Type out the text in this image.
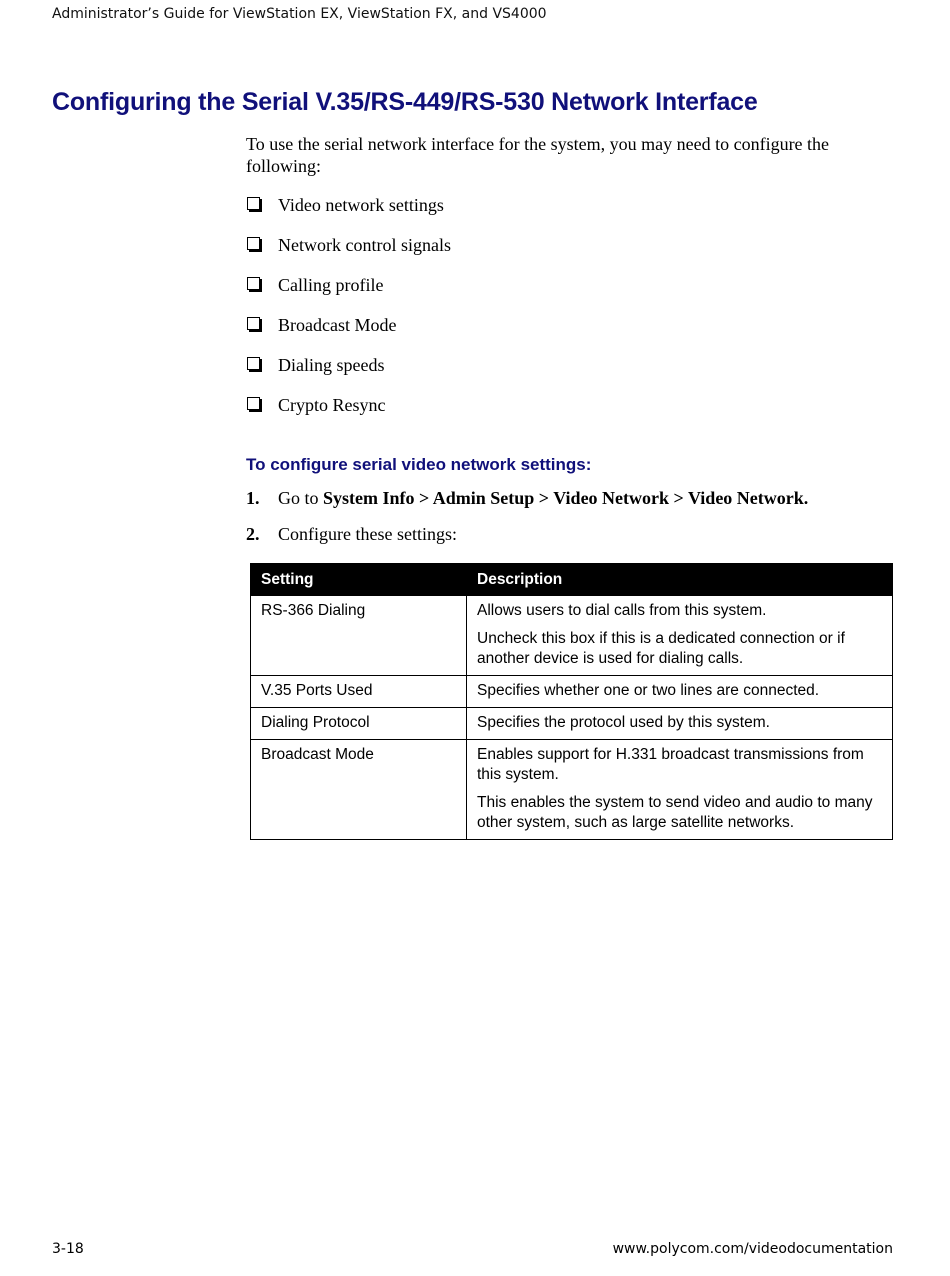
Administrator’s Guide for ViewStation EX, ViewStation FX, and VS4000
Configuring the Serial V.35/RS-449/RS-530 Network Interface

To use the serial network interface for the system, you may need to configure the following:

Video network settings
Network control signals
Calling profile
Broadcast Mode
Dialing speeds
Crypto Resync
To configure serial video network settings:
1. Go to System Info > Admin Setup > Video Network > Video Network.
2. Configure these settings:
Setting	Description
RS-366 Dialing	Allows users to dial calls from this system.

Uncheck this box if this is a dedicated connection or if another device is used for dialing calls.

V.35 Ports Used	Specifies whether one or two lines are connected.

Dialing Protocol	Specifies the protocol used by this system.

Broadcast Mode	Enables support for H.331 broadcast transmissions from this system.

This enables the system to send video and audio to many other system, such as large satellite networks.

3-18	www.polycom.com/videodocumentation
